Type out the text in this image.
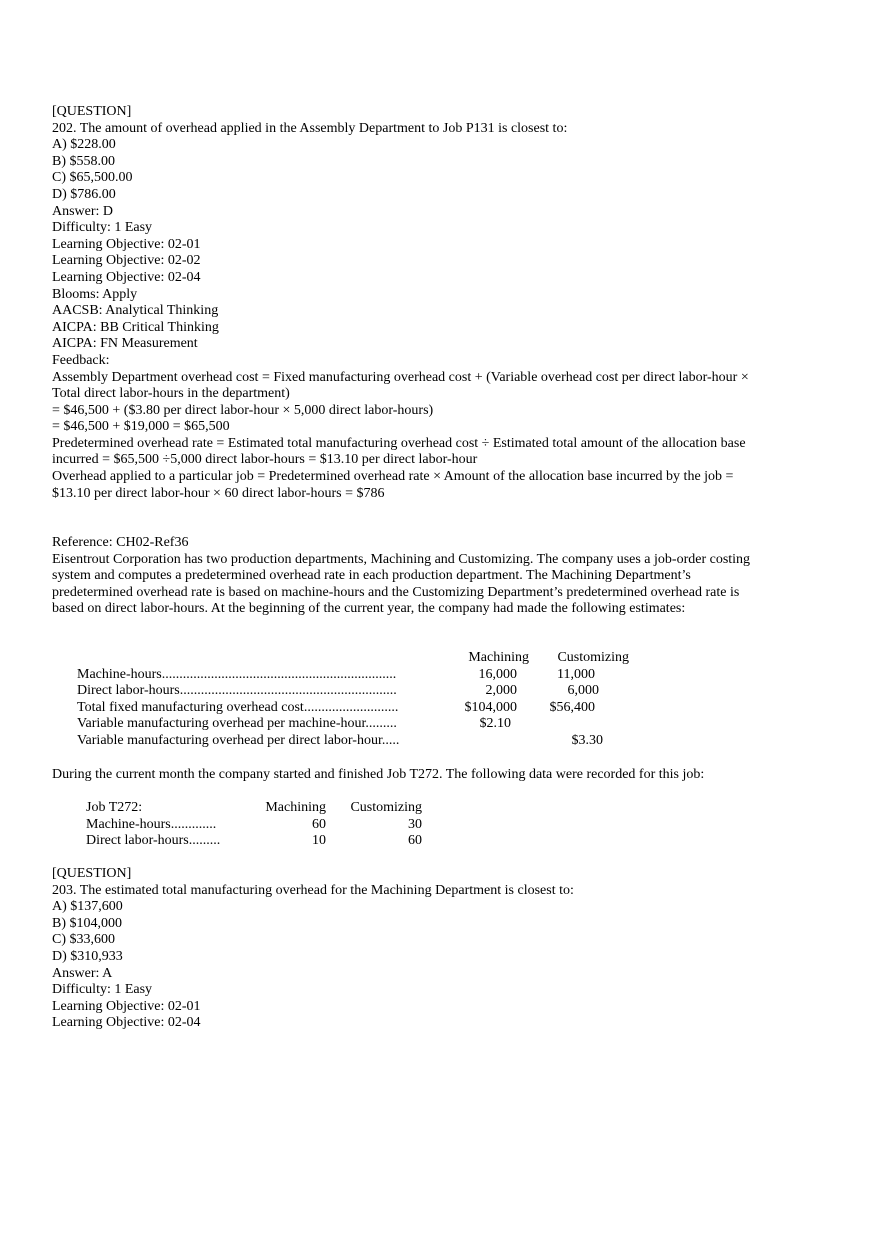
[QUESTION]
202. The amount of overhead applied in the Assembly Department to Job P131 is closest to:
A) $228.00
B) $558.00
C) $65,500.00
D) $786.00
Answer: D
Difficulty: 1 Easy
Learning Objective: 02-01
Learning Objective: 02-02
Learning Objective: 02-04
Blooms: Apply
AACSB: Analytical Thinking
AICPA: BB Critical Thinking
AICPA: FN Measurement
Feedback:
Assembly Department overhead cost = Fixed manufacturing overhead cost + (Variable overhead cost per direct labor-hour × Total direct labor-hours in the department)
= $46,500 + ($3.80 per direct labor-hour × 5,000 direct labor-hours)
= $46,500 + $19,000 = $65,500
Predetermined overhead rate = Estimated total manufacturing overhead cost ÷ Estimated total amount of the allocation base incurred = $65,500 ÷5,000 direct labor-hours = $13.10 per direct labor-hour
Overhead applied to a particular job = Predetermined overhead rate × Amount of the allocation base incurred by the job = $13.10 per direct labor-hour × 60 direct labor-hours = $786
Reference: CH02-Ref36
Eisentrout Corporation has two production departments, Machining and Customizing. The company uses a job-order costing system and computes a predetermined overhead rate in each production department. The Machining Department’s predetermined overhead rate is based on machine-hours and the Customizing Department’s predetermined overhead rate is based on direct labor-hours. At the beginning of the current year, the company had made the following estimates:
	Machining	Customizing
Machine-hours...................................................................	16,000	11,000
Direct labor-hours..............................................................	2,000	6,000
Total fixed manufacturing overhead cost...........................	$104,000	$56,400
Variable manufacturing overhead per machine-hour.........	$2.10	
Variable manufacturing overhead per direct labor-hour.....		$3.30
During the current month the company started and finished Job T272. The following data were recorded for this job:
Job T272:	Machining	Customizing
Machine-hours.............	60	30
Direct labor-hours.........	10	60
[QUESTION]
203. The estimated total manufacturing overhead for the Machining Department is closest to:
A) $137,600
B) $104,000
C) $33,600
D) $310,933
Answer: A
Difficulty: 1 Easy
Learning Objective: 02-01
Learning Objective: 02-04
